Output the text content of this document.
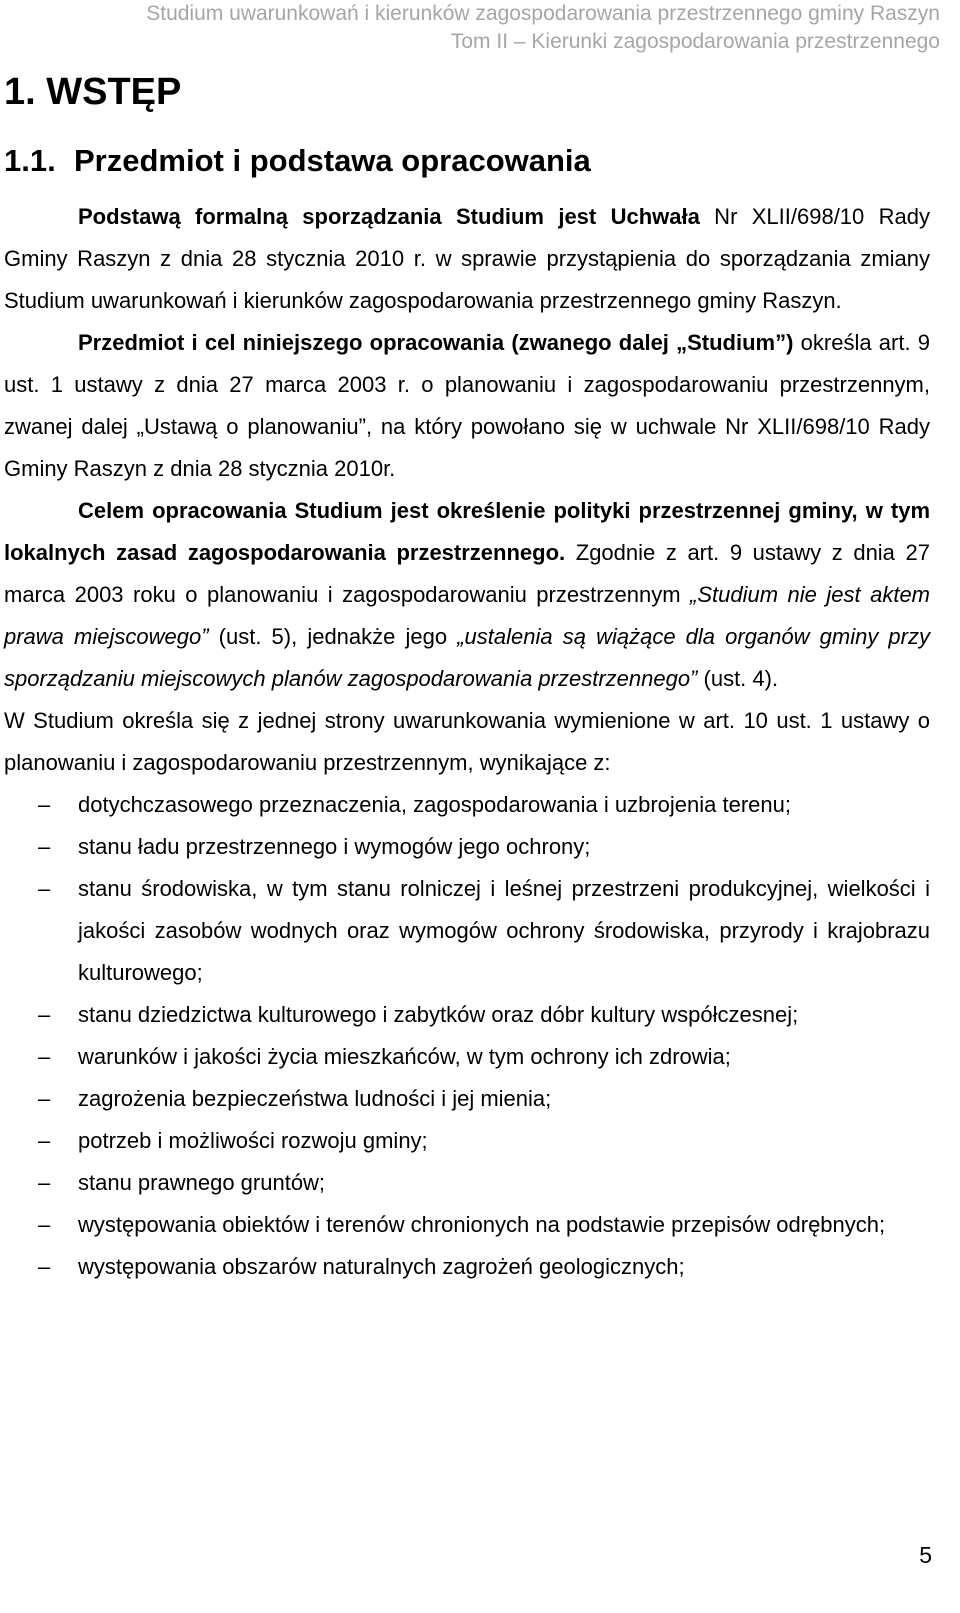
Studium uwarunkowań i kierunków zagospodarowania przestrzennego gminy Raszyn
Tom II – Kierunki zagospodarowania przestrzennego
1. WSTĘP
1.1. Przedmiot i podstawa opracowania

Podstawą formalną sporządzania Studium jest Uchwała Nr XLII/698/10 Rady Gminy Raszyn z dnia 28 stycznia 2010 r. w sprawie przystąpienia do sporządzania zmiany Studium uwarunkowań i kierunków zagospodarowania przestrzennego gminy Raszyn.

Przedmiot i cel niniejszego opracowania (zwanego dalej „Studium”) określa art. 9 ust. 1 ustawy z dnia 27 marca 2003 r. o planowaniu i zagospodarowaniu przestrzennym, zwanej dalej „Ustawą o planowaniu”, na który powołano się w uchwale Nr XLII/698/10 Rady Gminy Raszyn z dnia 28 stycznia 2010r.

Celem opracowania Studium jest określenie polityki przestrzennej gminy, w tym lokalnych zasad zagospodarowania przestrzennego. Zgodnie z art. 9 ustawy z dnia 27 marca 2003 roku o planowaniu i zagospodarowaniu przestrzennym „Studium nie jest aktem prawa miejscowego” (ust. 5), jednakże jego „ustalenia są wiążące dla organów gminy przy sporządzaniu miejscowych planów zagospodarowania przestrzennego” (ust. 4).

W Studium określa się z jednej strony uwarunkowania wymienione w art. 10 ust. 1 ustawy o planowaniu i zagospodarowaniu przestrzennym, wynikające z:

– dotychczasowego przeznaczenia, zagospodarowania i uzbrojenia terenu;
– stanu ładu przestrzennego i wymogów jego ochrony;
– stanu środowiska, w tym stanu rolniczej i leśnej przestrzeni produkcyjnej, wielkości i jakości zasobów wodnych oraz wymogów ochrony środowiska, przyrody i krajobrazu kulturowego;
– stanu dziedzictwa kulturowego i zabytków oraz dóbr kultury współczesnej;
– warunków i jakości życia mieszkańców, w tym ochrony ich zdrowia;
– zagrożenia bezpieczeństwa ludności i jej mienia;
– potrzeb i możliwości rozwoju gminy;
– stanu prawnego gruntów;
– występowania obiektów i terenów chronionych na podstawie przepisów odrębnych;
– występowania obszarów naturalnych zagrożeń geologicznych;
5
